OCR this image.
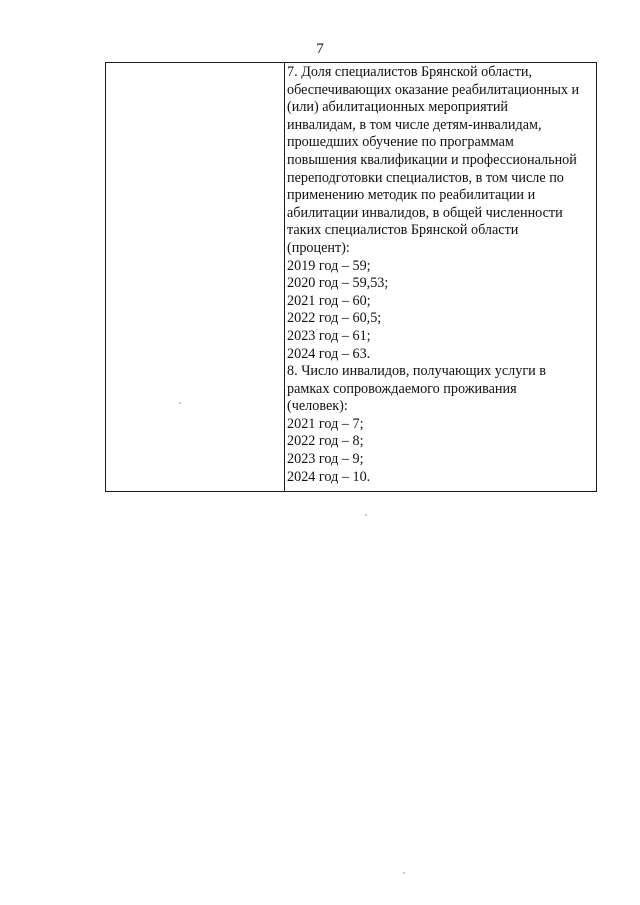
7
7. Доля специалистов Брянской области,
обеспечивающих оказание реабилитационных и
(или) абилитационных мероприятий
инвалидам, в том числе детям-инвалидам,
прошедших обучение по программам
повышения квалификации и профессиональной
переподготовки специалистов, в том числе по
применению методик по реабилитации и
абилитации инвалидов, в общей численности
таких специалистов Брянской области
(процент):
2019 год – 59;
2020 год – 59,53;
2021 год – 60;
2022 год – 60,5;
2023 год – 61;
2024 год – 63.
8. Число инвалидов, получающих услуги в
рамках сопровождаемого проживания
(человек):
2021 год – 7;
2022 год – 8;
2023 год – 9;
2024 год – 10.
